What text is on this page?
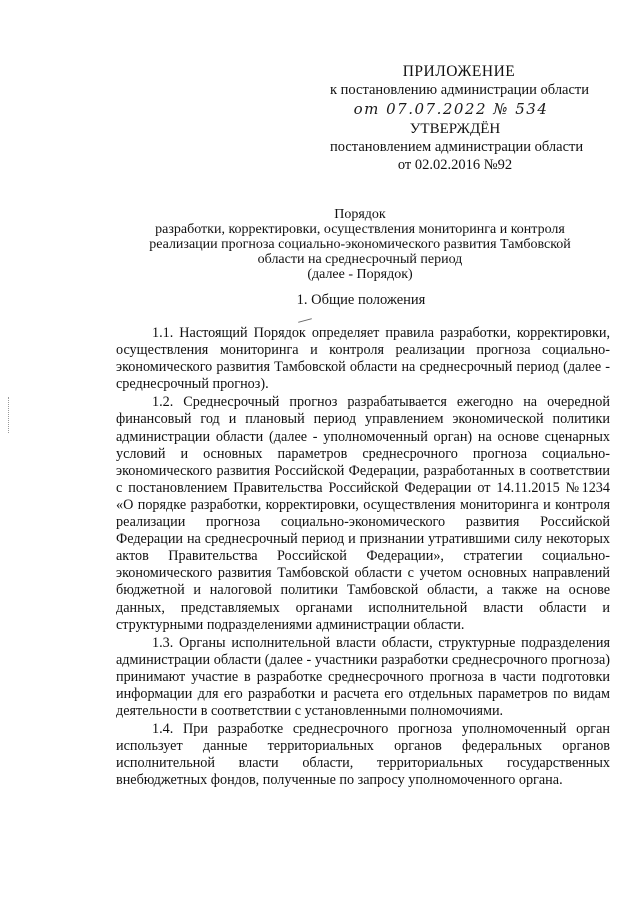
ПРИЛОЖЕНИЕ
к постановлению администрации области
от 07.07.2022 № 534
УТВЕРЖДЁН
постановлением администрации области
от 02.02.2016 №92
Порядок
разработки, корректировки, осуществления мониторинга и контроля
реализации прогноза социально-экономического развития Тамбовской
области на среднесрочный период
(далее - Порядок)
1. Общие положения

1.1. Настоящий Порядок определяет правила разработки, корректировки, осуществления мониторинга и контроля реализации прогноза социально-экономического развития Тамбовской области на среднесрочный период (далее - среднесрочный прогноз).

1.2. Среднесрочный прогноз разрабатывается ежегодно на очередной финансовый год и плановый период управлением экономической политики администрации области (далее - уполномоченный орган) на основе сценарных условий и основных параметров среднесрочного прогноза социально-экономического развития Российской Федерации, разработанных в соответствии с постановлением Правительства Российской Федерации от 14.11.2015 №1234 «О порядке разработки, корректировки, осуществления мониторинга и контроля реализации прогноза социально-экономического развития Российской Федерации на среднесрочный период и признании утратившими силу некоторых актов Правительства Российской Федерации», стратегии социально-экономического развития Тамбовской области с учетом основных направлений бюджетной и налоговой политики Тамбовской области, а также на основе данных, представляемых органами исполнительной власти области и структурными подразделениями администрации области.

1.3. Органы исполнительной власти области, структурные подразделения администрации области (далее - участники разработки среднесрочного прогноза) принимают участие в разработке среднесрочного прогноза в части подготовки информации для его разработки и расчета его отдельных параметров по видам деятельности в соответствии с установленными полномочиями.

1.4. При разработке среднесрочного прогноза уполномоченный орган использует данные территориальных органов федеральных органов исполнительной власти области, территориальных государственных внебюджетных фондов, полученные по запросу уполномоченного органа.
